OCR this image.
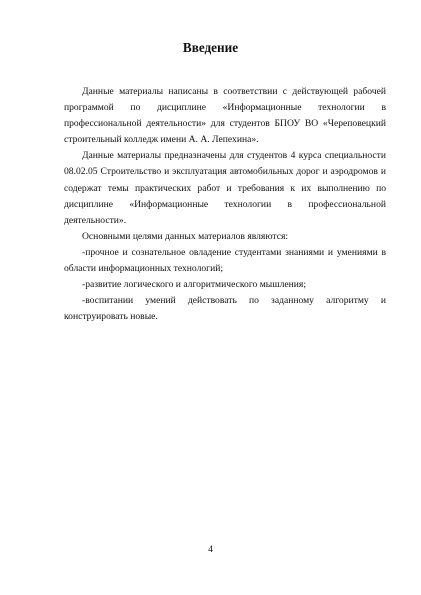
Введение

Данные материалы написаны в соответствии с действующей рабочей программой по дисциплине «Информационные технологии в профессиональной деятельности» для студентов БПОУ ВО «Череповецкий строительный колледж имени А. А. Лепехина».

Данные материалы предназначены для студентов 4 курса специальности 08.02.05 Строительство и эксплуатация автомобильных дорог и аэродромов и содержат темы практических работ и требования к их выполнению по дисциплине «Информационные технологии в профессиональной деятельности».

Основными целями данных материалов являются:

-прочное и сознательное овладение студентами знаниями и умениями в области информационных технологий;

-развитие логического и алгоритмического мышления;

-воспитании умений действовать по заданному алгоритму и конструировать новые.

4
